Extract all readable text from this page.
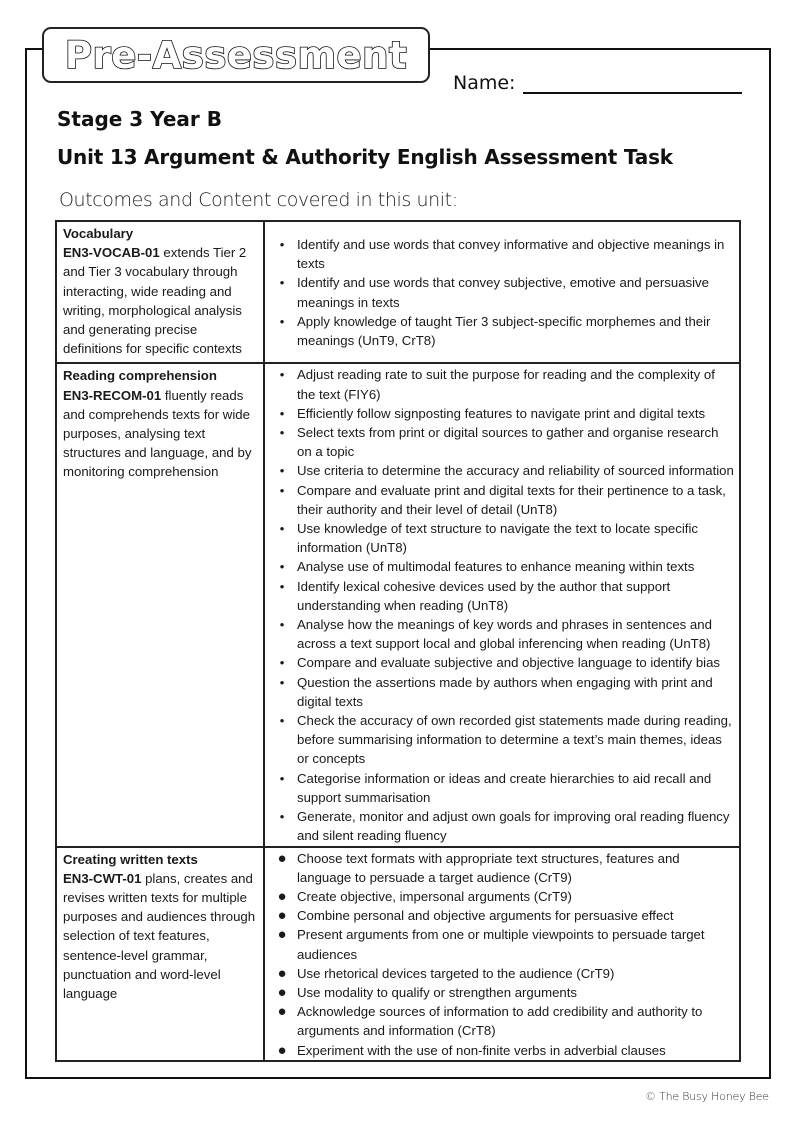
Pre-Assessment
Name:
Stage 3 Year B
Unit 13 Argument & Authority English Assessment Task
Outcomes and Content covered in this unit:
Vocabulary
EN3-VOCAB-01 extends Tier 2 and Tier 3 vocabulary through interacting, wide reading and writing, morphological analysis and generating precise definitions for specific contexts	
• Identify and use words that convey informative and objective meanings in texts
• Identify and use words that convey subjective, emotive and persuasive meanings in texts
• Apply knowledge of taught Tier 3 subject-specific morphemes and their meanings (UnT9, CrT8)

Reading comprehension
EN3-RECOM-01 fluently reads and comprehends texts for wide purposes, analysing text structures and language, and by monitoring comprehension	
• Adjust reading rate to suit the purpose for reading and the complexity of the text (FIY6)
• Efficiently follow signposting features to navigate print and digital texts
• Select texts from print or digital sources to gather and organise research on a topic
• Use criteria to determine the accuracy and reliability of sourced information
• Compare and evaluate print and digital texts for their pertinence to a task, their authority and their level of detail (UnT8)
• Use knowledge of text structure to navigate the text to locate specific information (UnT8)
• Analyse use of multimodal features to enhance meaning within texts
• Identify lexical cohesive devices used by the author that support understanding when reading (UnT8)
• Analyse how the meanings of key words and phrases in sentences and across a text support local and global inferencing when reading (UnT8)
• Compare and evaluate subjective and objective language to identify bias
• Question the assertions made by authors when engaging with print and digital texts
• Check the accuracy of own recorded gist statements made during reading, before summarising information to determine a text’s main themes, ideas or concepts
• Categorise information or ideas and create hierarchies to aid recall and support summarisation
• Generate, monitor and adjust own goals for improving oral reading fluency and silent reading fluency

Creating written texts
EN3-CWT-01 plans, creates and revises written texts for multiple purposes and audiences through selection of text features, sentence-level grammar, punctuation and word-level language	
● Choose text formats with appropriate text structures, features and language to persuade a target audience (CrT9)
● Create objective, impersonal arguments (CrT9)
● Combine personal and objective arguments for persuasive effect
● Present arguments from one or multiple viewpoints to persuade target audiences
● Use rhetorical devices targeted to the audience (CrT9)
● Use modality to qualify or strengthen arguments
● Acknowledge sources of information to add credibility and authority to arguments and information (CrT8)
● Experiment with the use of non-finite verbs in adverbial clauses
© The Busy Honey Bee
